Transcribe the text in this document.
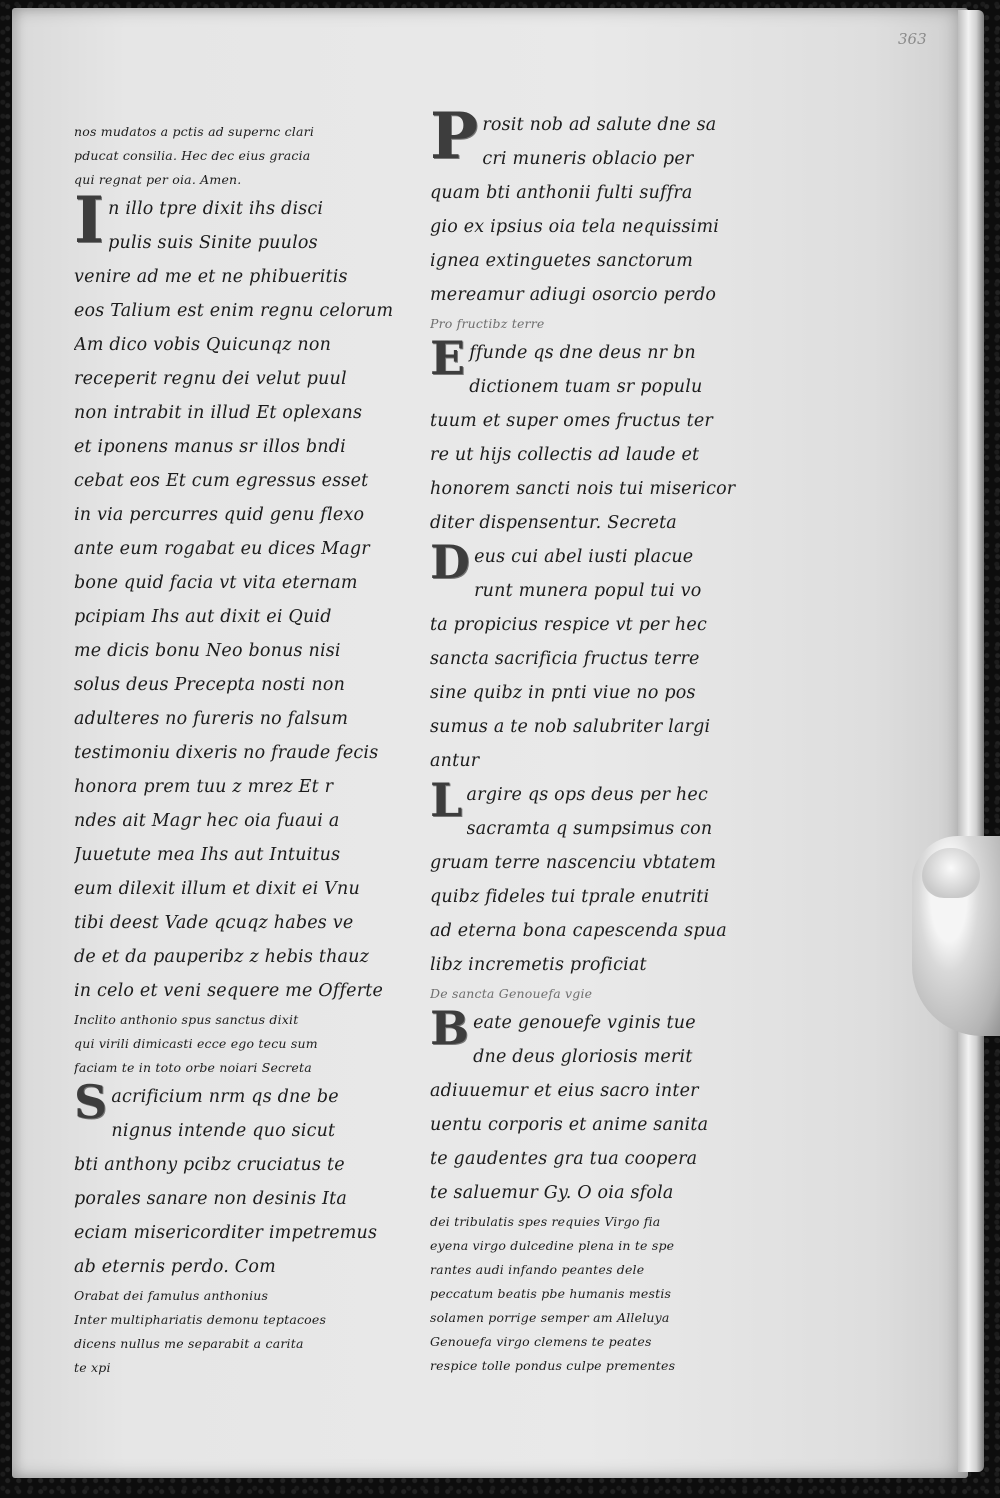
363
nos mudatos a pctis ad supernc clari
pducat consilia. Hec dec eius gracia
qui regnat per oia. Amen.
In illo tpre dixit ihs disci
pulis suis Sinite puulos
venire ad me et ne phibueritis
eos Talium est enim regnu celorum
Am dico vobis Quicunqz non
receperit regnu dei velut puul
non intrabit in illud Et oplexans
et iponens manus sr illos bndi
cebat eos Et cum egressus esset
in via percurres quid genu flexo
ante eum rogabat eu dices Magr
bone quid facia vt vita eternam
pcipiam Ihs aut dixit ei Quid
me dicis bonu Neo bonus nisi
solus deus Precepta nosti non
adulteres no fureris no falsum
testimoniu dixeris no fraude fecis
honora prem tuu z mrez Et r
ndes ait Magr hec oia fuaui a
Juuetute mea Ihs aut Intuitus
eum dilexit illum et dixit ei Vnu
tibi deest Vade qcuqz habes ve
de et da pauperibz z hebis thauz
in celo et veni sequere me Offerte
Inclito anthonio spus sanctus dixit
qui virili dimicasti ecce ego tecu sum
faciam te in toto orbe noiari Secreta
Sacrificium nrm qs dne be
nignus intende quo sicut
bti anthony pcibz cruciatus te
porales sanare non desinis Ita
eciam misericorditer impetremus
ab eternis perdo. Com
Orabat dei famulus anthonius
Inter multiphariatis demonu teptacoes
dicens nullus me separabit a carita
te xpi
Prosit nob ad salute dne sa
cri muneris oblacio per
quam bti anthonii fulti suffra
gio ex ipsius oia tela nequissimi
ignea extinguetes sanctorum
mereamur adiugi osorcio perdo
Pro fructibz terre
Effunde qs dne deus nr bn
dictionem tuam sr populu
tuum et super omes fructus ter
re ut hijs collectis ad laude et
honorem sancti nois tui misericor
diter dispensentur. Secreta
Deus cui abel iusti placue
runt munera popul tui vo
ta propicius respice vt per hec
sancta sacrificia fructus terre
sine quibz in pnti viue no pos
sumus a te nob salubriter largi
antur
Largire qs ops deus per hec
sacramta q sumpsimus con
gruam terre nascenciu vbtatem
quibz fideles tui tprale enutriti
ad eterna bona capescenda spua
libz incremetis proficiat
De sancta Genouefa vgie
Beate genouefe vginis tue
dne deus gloriosis merit
adiuuemur et eius sacro inter
uentu corporis et anime sanita
te gaudentes gra tua coopera
te saluemur Gy. O oia sfola
dei tribulatis spes requies Virgo fia
eyena virgo dulcedine plena in te spe
rantes audi infando peantes dele
peccatum beatis pbe humanis mestis
solamen porrige semper am Alleluya
Genouefa virgo clemens te peates
respice tolle pondus culpe prementes
